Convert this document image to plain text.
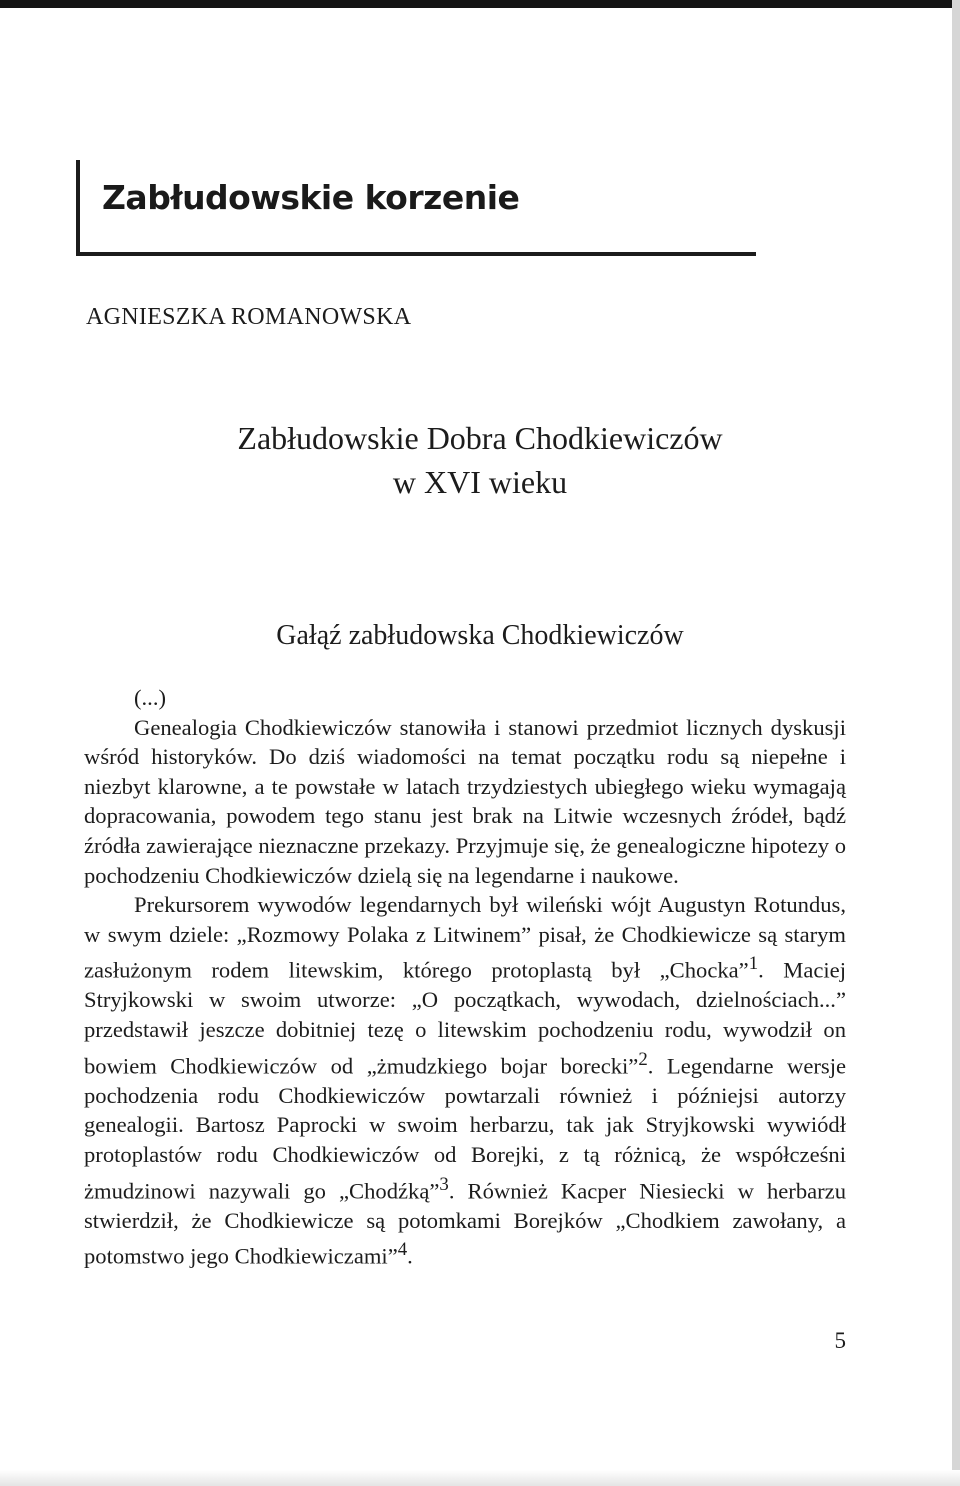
Zabłudowskie korzenie
AGNIESZKA ROMANOWSKA
Zabłudowskie Dobra Chodkiewiczów
w XVI wieku
Gałąź zabłudowska Chodkiewiczów

(...)

Genealogia Chodkiewiczów stanowiła i stanowi przedmiot licznych dyskusji wśród historyków. Do dziś wiadomości na temat początku rodu są niepełne i niezbyt klarowne, a te powstałe w latach trzydziestych ubiegłego wieku wymagają dopracowania, powodem tego stanu jest brak na Litwie wczesnych źródeł, bądź źródła zawierające nieznaczne przekazy. Przyjmuje się, że genealogiczne hipotezy o pochodzeniu Chodkiewiczów dzielą się na legendarne i naukowe.

Prekursorem wywodów legendarnych był wileński wójt Augustyn Rotundus, w swym dziele: „Rozmowy Polaka z Litwinem” pisał, że Chodkiewicze są starym zasłużonym rodem litewskim, którego protoplastą był „Chocka”$^1$. Maciej Stryjkowski w swoim utworze: „O początkach, wywodach, dzielnościach...” przedstawił jeszcze dobitniej tezę o litewskim pochodzeniu rodu, wywodził on bowiem Chodkiewiczów od „żmudzkiego bojar borecki”$^2$. Legendarne wersje pochodzenia rodu Chodkiewiczów powtarzali również i późniejsi autorzy genealogii. Bartosz Paprocki w swoim herbarzu, tak jak Stryjkowski wywiódł protoplastów rodu Chodkiewiczów od Borejki, z tą różnicą, że współcześni żmudzinowi nazywali go „Chodźką”$^3$. Również Kacper Niesiecki w herbarzu stwierdził, że Chodkiewicze są potomkami Borejków „Chodkiem zawołany, a potomstwo jego Chodkiewiczami”$^4$.

5
